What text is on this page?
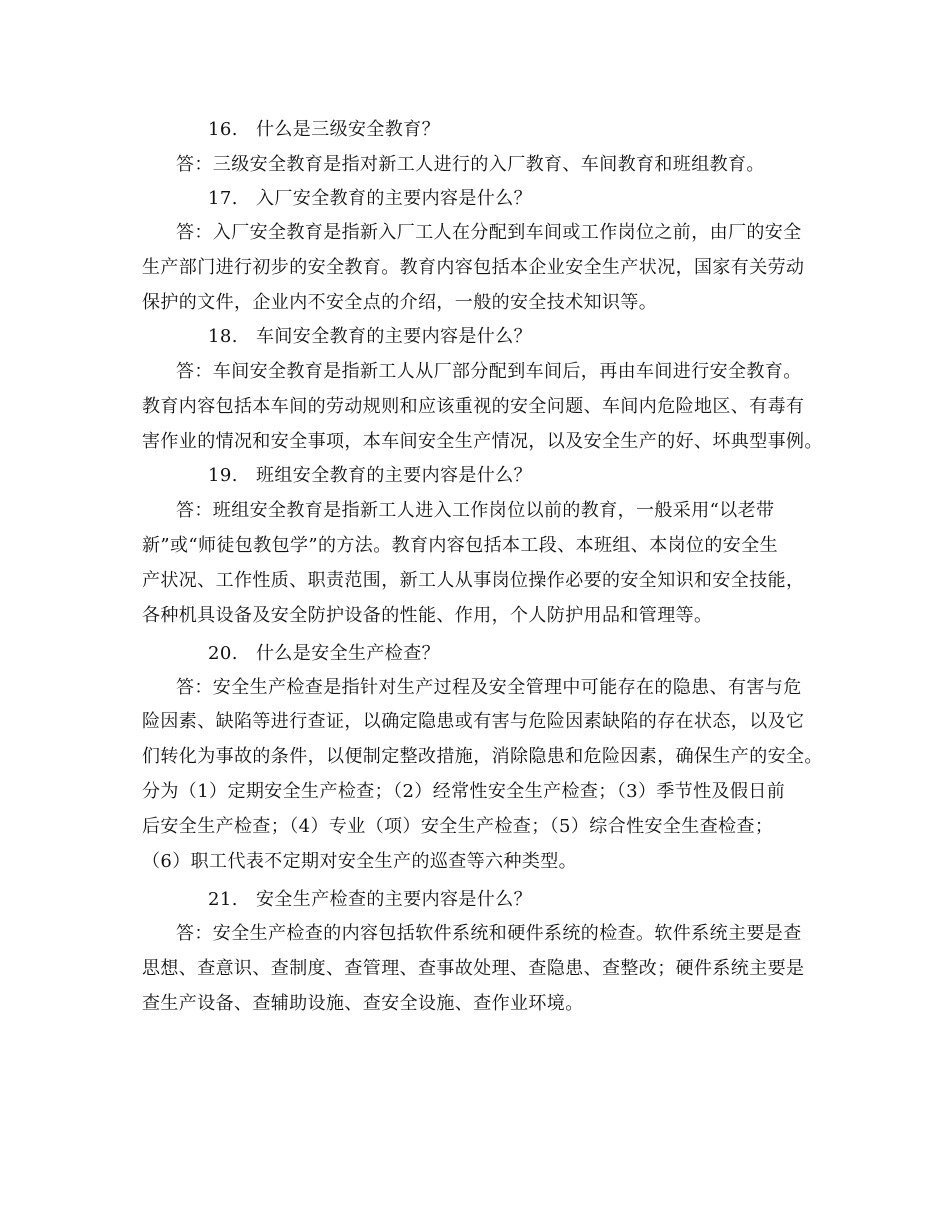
16. 什么是三级安全教育？
答：三级安全教育是指对新工人进行的入厂教育、车间教育和班组教育。
17. 入厂安全教育的主要内容是什么？
答：入厂安全教育是指新入厂工人在分配到车间或工作岗位之前，由厂的安全
生产部门进行初步的安全教育。教育内容包括本企业安全生产状况，国家有关劳动
保护的文件，企业内不安全点的介绍，一般的安全技术知识等。
18. 车间安全教育的主要内容是什么？
答：车间安全教育是指新工人从厂部分配到车间后，再由车间进行安全教育。
教育内容包括本车间的劳动规则和应该重视的安全问题、车间内危险地区、有毒有
害作业的情况和安全事项，本车间安全生产情况，以及安全生产的好、坏典型事例。
19. 班组安全教育的主要内容是什么？
答：班组安全教育是指新工人进入工作岗位以前的教育，一般采用“以老带
新”或“师徒包教包学”的方法。教育内容包括本工段、本班组、本岗位的安全生
产状况、工作性质、职责范围，新工人从事岗位操作必要的安全知识和安全技能，
各种机具设备及安全防护设备的性能、作用，个人防护用品和管理等。
20. 什么是安全生产检查？
答：安全生产检查是指针对生产过程及安全管理中可能存在的隐患、有害与危
险因素、缺陷等进行查证，以确定隐患或有害与危险因素缺陷的存在状态，以及它
们转化为事故的条件，以便制定整改措施，消除隐患和危险因素，确保生产的安全。
分为（1）定期安全生产检查；（2）经常性安全生产检查；（3）季节性及假日前
后安全生产检查；（4）专业（项）安全生产检查；（5）综合性安全生查检查；
（6）职工代表不定期对安全生产的巡查等六种类型。
21. 安全生产检查的主要内容是什么？
答：安全生产检查的内容包括软件系统和硬件系统的检查。软件系统主要是查
思想、查意识、查制度、查管理、查事故处理、查隐患、查整改；硬件系统主要是
查生产设备、查辅助设施、查安全设施、查作业环境。
